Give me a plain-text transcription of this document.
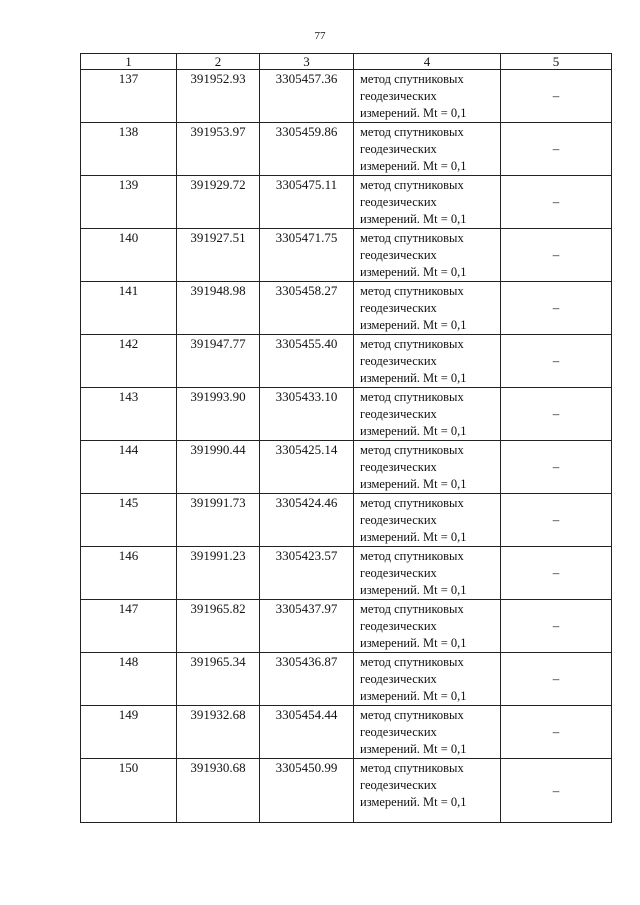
77
1	2	3	4	5
137	391952.93	3305457.36	метод спутниковых
геодезических
измерений. Mt = 0,1	–
138	391953.97	3305459.86	метод спутниковых
геодезических
измерений. Mt = 0,1	–
139	391929.72	3305475.11	метод спутниковых
геодезических
измерений. Mt = 0,1	–
140	391927.51	3305471.75	метод спутниковых
геодезических
измерений. Mt = 0,1	–
141	391948.98	3305458.27	метод спутниковых
геодезических
измерений. Mt = 0,1	–
142	391947.77	3305455.40	метод спутниковых
геодезических
измерений. Mt = 0,1	–
143	391993.90	3305433.10	метод спутниковых
геодезических
измерений. Mt = 0,1	–
144	391990.44	3305425.14	метод спутниковых
геодезических
измерений. Mt = 0,1	–
145	391991.73	3305424.46	метод спутниковых
геодезических
измерений. Mt = 0,1	–
146	391991.23	3305423.57	метод спутниковых
геодезических
измерений. Mt = 0,1	–
147	391965.82	3305437.97	метод спутниковых
геодезических
измерений. Mt = 0,1	–
148	391965.34	3305436.87	метод спутниковых
геодезических
измерений. Mt = 0,1	–
149	391932.68	3305454.44	метод спутниковых
геодезических
измерений. Mt = 0,1	–
150	391930.68	3305450.99	метод спутниковых
геодезических
измерений. Mt = 0,1	–
